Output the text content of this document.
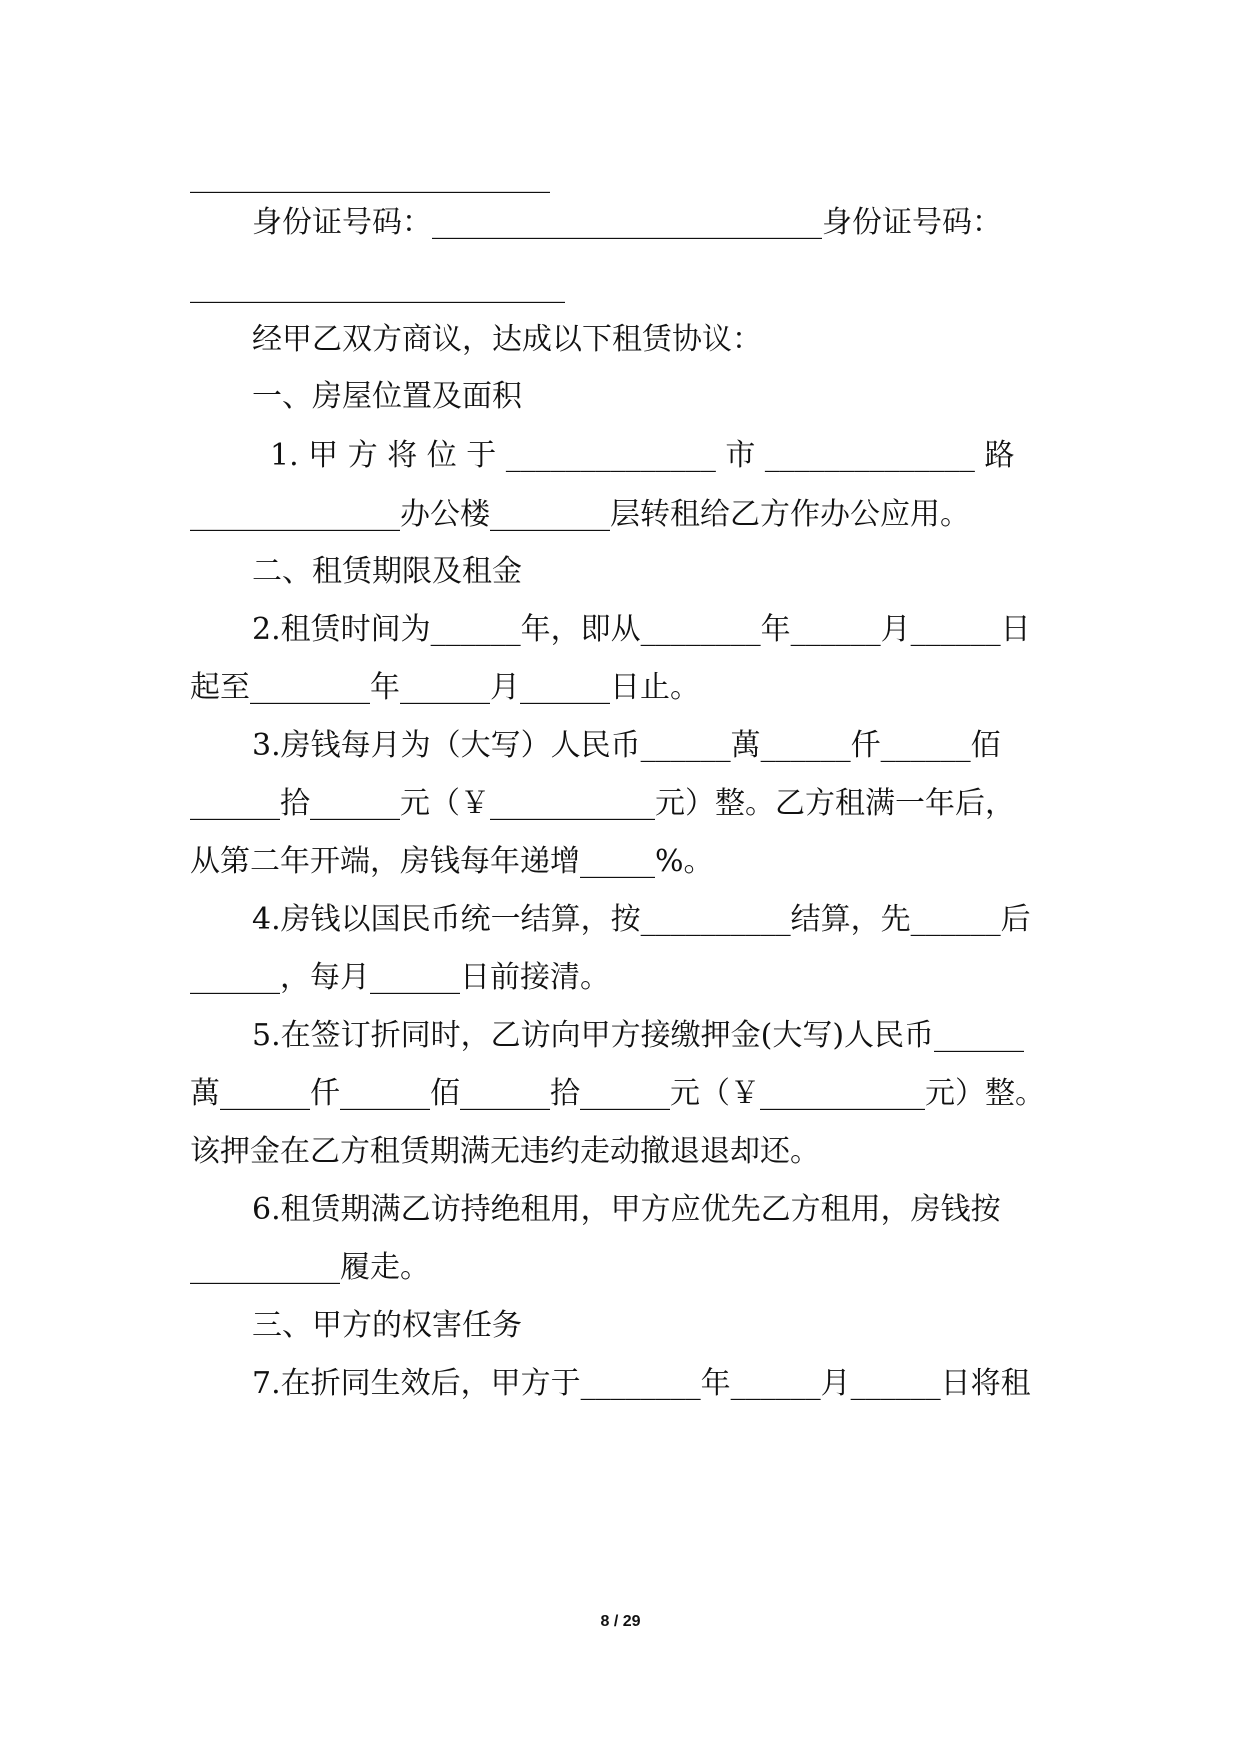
________________________
身份证号码：__________________________身份证号码：
_________________________
经甲乙双方商议，达成以下租赁协议：
一、房屋位置及面积
1. 甲 方 将 位 于 ______________ 市 ______________ 路
______________办公楼________层转租给乙方作办公应用。
二、租赁期限及租金
2.租赁时间为______年，即从________年______月______日
起至________年______月______日止。
3.房钱每月为（大写）人民币______萬______仟______佰
______拾______元（￥___________元）整。乙方租满一年后，
从第二年开端，房钱每年递增_____%。
4.房钱以国民币统一结算，按__________结算，先______后
______，每月______日前接清。
5.在签订折同时，乙访向甲方接缴押金(大写)人民币______
萬______仟______佰______拾______元（￥___________元）整。
该押金在乙方租赁期满无违约走动撤退退却还。
6.租赁期满乙访持绝租用，甲方应优先乙方租用，房钱按
__________履走。
三、甲方的权害任务
7.在折同生效后，甲方于________年______月______日将租
8 / 29
